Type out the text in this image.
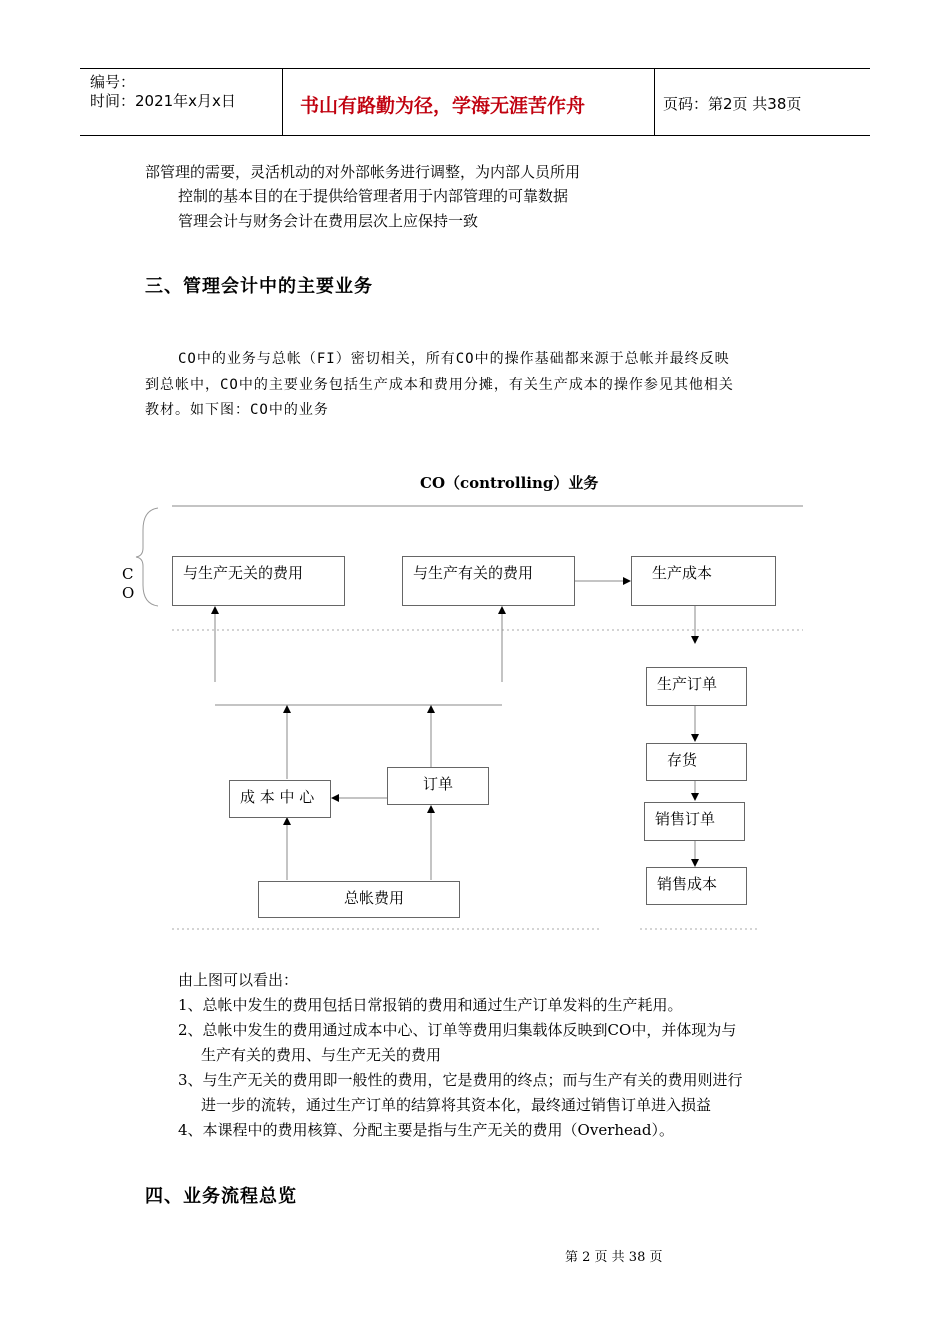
编号：
时间：2021年x月x日	书山有路勤为径，学海无涯苦作舟	页码：第2页 共38页
部管理的需要，灵活机动的对外部帐务进行调整，为内部人员所用
控制的基本目的在于提供给管理者用于内部管理的可靠数据
管理会计与财务会计在费用层次上应保持一致
三、管理会计中的主要业务
CO中的业务与总帐（FI）密切相关，所有CO中的操作基础都来源于总帐并最终反映
到总帐中，CO中的主要业务包括生产成本和费用分摊，有关生产成本的操作参见其他相关
教材。如下图：CO中的业务
CO（controlling）业务
C
O
与生产无关的费用	与生产有关的费用	生产成本
生产订单
存货
销售订单
销售成本
成 本 中 心
订单
总帐费用
由上图可以看出：
1、总帐中发生的费用包括日常报销的费用和通过生产订单发料的生产耗用。
2、总帐中发生的费用通过成本中心、订单等费用归集载体反映到CO中，并体现为与
生产有关的费用、与生产无关的费用
3、与生产无关的费用即一般性的费用，它是费用的终点；而与生产有关的费用则进行
进一步的流转，通过生产订单的结算将其资本化，最终通过销售订单进入损益
4、本课程中的费用核算、分配主要是指与生产无关的费用（Overhead）。
四、业务流程总览
第 2 页 共 38 页
